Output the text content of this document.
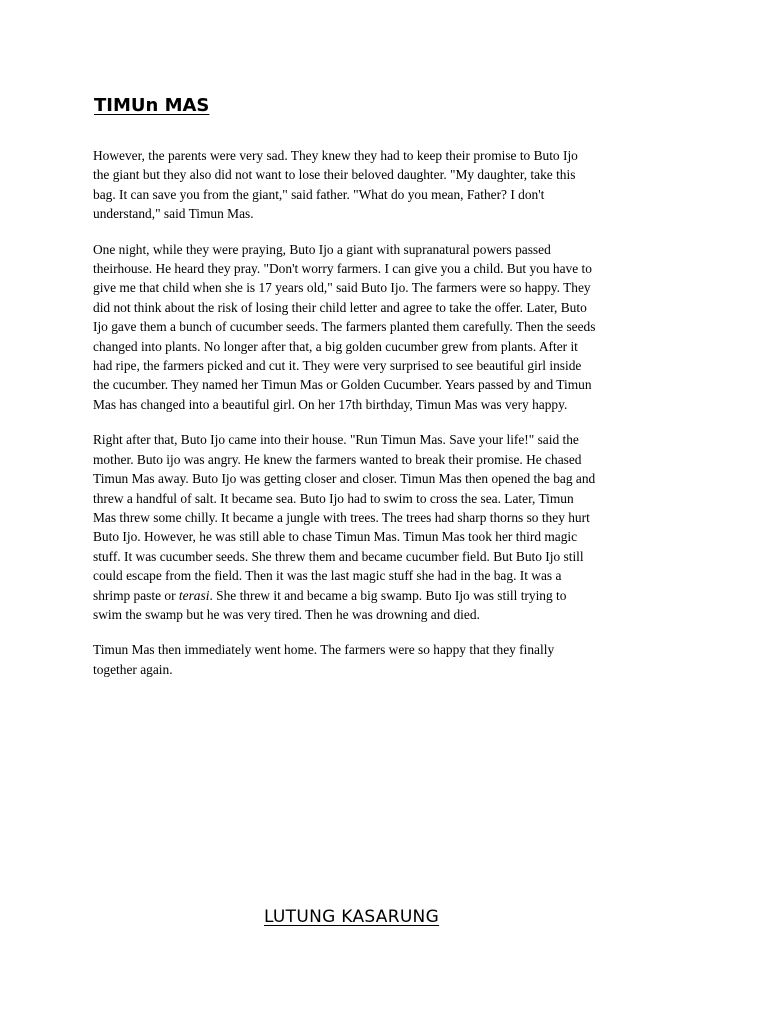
TIMUn MAS

However, the parents were very sad. They knew they had to keep their promise to Buto Ijo
the giant but they also did not want to lose their beloved daughter. "My daughter, take this
bag. It can save you from the giant," said father. "What do you mean, Father? I don't
understand," said Timun Mas.

One night, while they were praying, Buto Ijo a giant with supranatural powers passed
theirhouse. He heard they pray. "Don't worry farmers. I can give you a child. But you have to
give me that child when she is 17 years old," said Buto Ijo. The farmers were so happy. They
did not think about the risk of losing their child letter and agree to take the offer. Later, Buto
Ijo gave them a bunch of cucumber seeds. The farmers planted them carefully. Then the seeds
changed into plants. No longer after that, a big golden cucumber grew from plants. After it
had ripe, the farmers picked and cut it. They were very surprised to see beautiful girl inside
the cucumber. They named her Timun Mas or Golden Cucumber. Years passed by and Timun
Mas has changed into a beautiful girl. On her 17th birthday, Timun Mas was very happy.

Right after that, Buto Ijo came into their house. "Run Timun Mas. Save your life!" said the
mother. Buto ijo was angry. He knew the farmers wanted to break their promise. He chased
Timun Mas away. Buto Ijo was getting closer and closer. Timun Mas then opened the bag and
threw a handful of salt. It became sea. Buto Ijo had to swim to cross the sea. Later, Timun
Mas threw some chilly. It became a jungle with trees. The trees had sharp thorns so they hurt
Buto Ijo. However, he was still able to chase Timun Mas. Timun Mas took her third magic
stuff. It was cucumber seeds. She threw them and became cucumber field. But Buto Ijo still
could escape from the field. Then it was the last magic stuff she had in the bag. It was a
shrimp paste or terasi. She threw it and became a big swamp. Buto Ijo was still trying to
swim the swamp but he was very tired. Then he was drowning and died.

Timun Mas then immediately went home. The farmers were so happy that they finally
together again.

LUTUNG KASARUNG
